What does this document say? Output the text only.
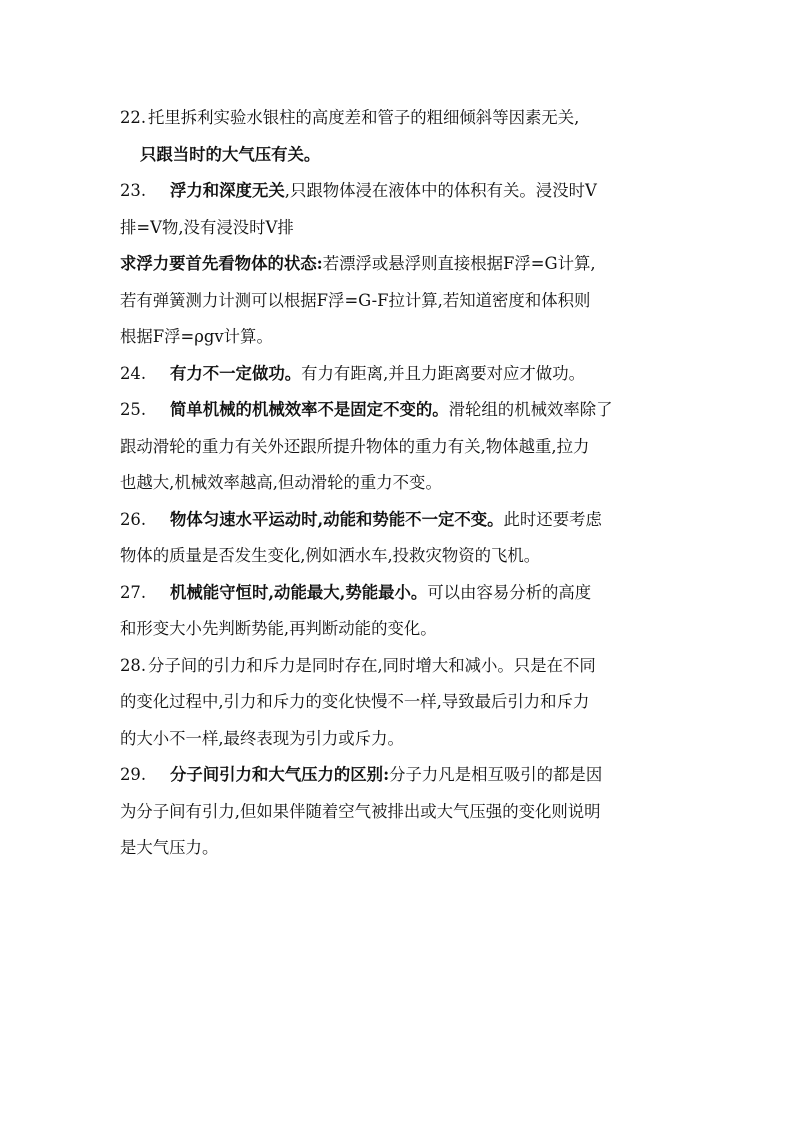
22. 托里拆利实验水银柱的高度差和管子的粗细倾斜等因素无关,
只跟当时的大气压有关。
23. 浮力和深度无关,只跟物体浸在液体中的体积有关。浸没时V
排=V物,没有浸没时V排
求浮力要首先看物体的状态:若漂浮或悬浮则直接根据F浮=G计算,
若有弹簧测力计测可以根据F浮=G-F拉计算,若知道密度和体积则
根据F浮=ρgv计算。
24. 有力不一定做功。有力有距离,并且力距离要对应才做功。
25. 简单机械的机械效率不是固定不变的。滑轮组的机械效率除了
跟动滑轮的重力有关外还跟所提升物体的重力有关,物体越重,拉力
也越大,机械效率越高,但动滑轮的重力不变。
26. 物体匀速水平运动时,动能和势能不一定不变。此时还要考虑
物体的质量是否发生变化,例如洒水车,投救灾物资的飞机。
27. 机械能守恒时,动能最大,势能最小。可以由容易分析的高度
和形变大小先判断势能,再判断动能的变化。
28. 分子间的引力和斥力是同时存在,同时增大和减小。只是在不同
的变化过程中,引力和斥力的变化快慢不一样,导致最后引力和斥力
的大小不一样,最终表现为引力或斥力。
29. 分子间引力和大气压力的区别:分子力凡是相互吸引的都是因
为分子间有引力,但如果伴随着空气被排出或大气压强的变化则说明
是大气压力。
